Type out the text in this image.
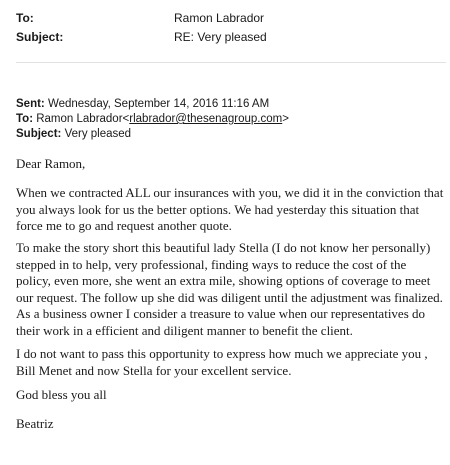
To:	Ramon Labrador
Subject:	RE: Very pleased
Sent: Wednesday, September 14, 2016 11:16 AM
To: Ramon Labrador<rlabrador@thesenagroup.com>
Subject: Very pleased

Dear Ramon,

When we contracted ALL our insurances with you, we did it in the conviction that you always look for us the better options. We had yesterday this situation that force me to go and request another quote.

To make the story short this beautiful lady Stella (I do not know her personally) stepped in to help, very professional, finding ways to reduce the cost of the policy, even more, she went an extra mile, showing options of coverage to meet our request. The follow up she did was diligent until the adjustment was finalized. As a business owner I consider a treasure to value when our representatives do their work in a efficient and diligent manner to benefit the client.

I do not want to pass this opportunity to express how much we appreciate you , Bill Menet and now Stella for your excellent service.

God bless you all

Beatriz
